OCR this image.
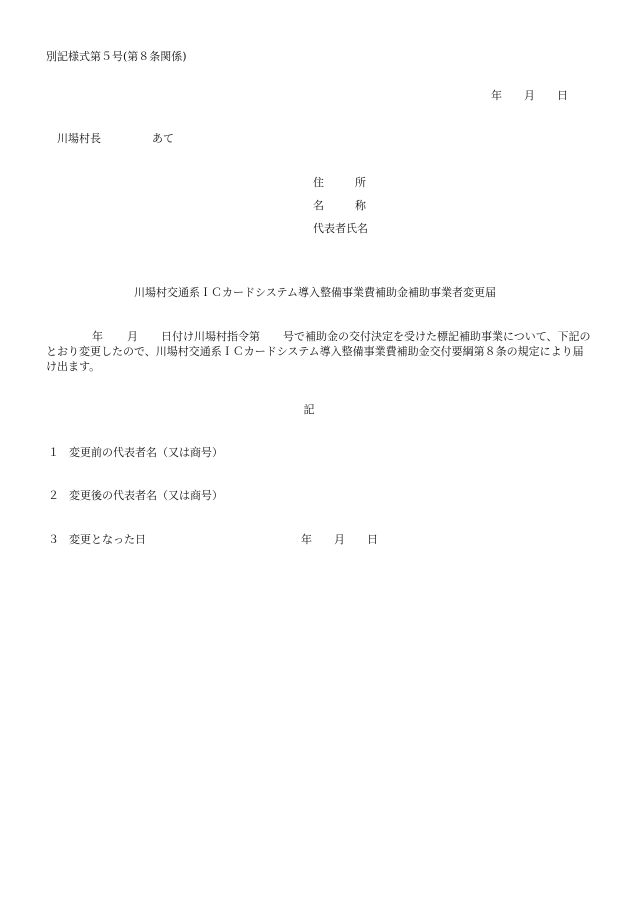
別記様式第５号(第８条関係)
年 月 日
川場村長	あて
住	所
名	称
代表者氏名
川場村交通系ＩＣカードシステム導入整備事業費補助金補助事業者変更届
年 月 日付け川場村指令第 号で補助金の交付決定を受けた標記補助事業について、下記のとおり変更したので、川場村交通系ＩＣカードシステム導入整備事業費補助金交付要綱第８条の規定により届け出ます。
記
１ 変更前の代表者名（又は商号）
２ 変更後の代表者名（又は商号）
３ 変更となった日	年 月 日
